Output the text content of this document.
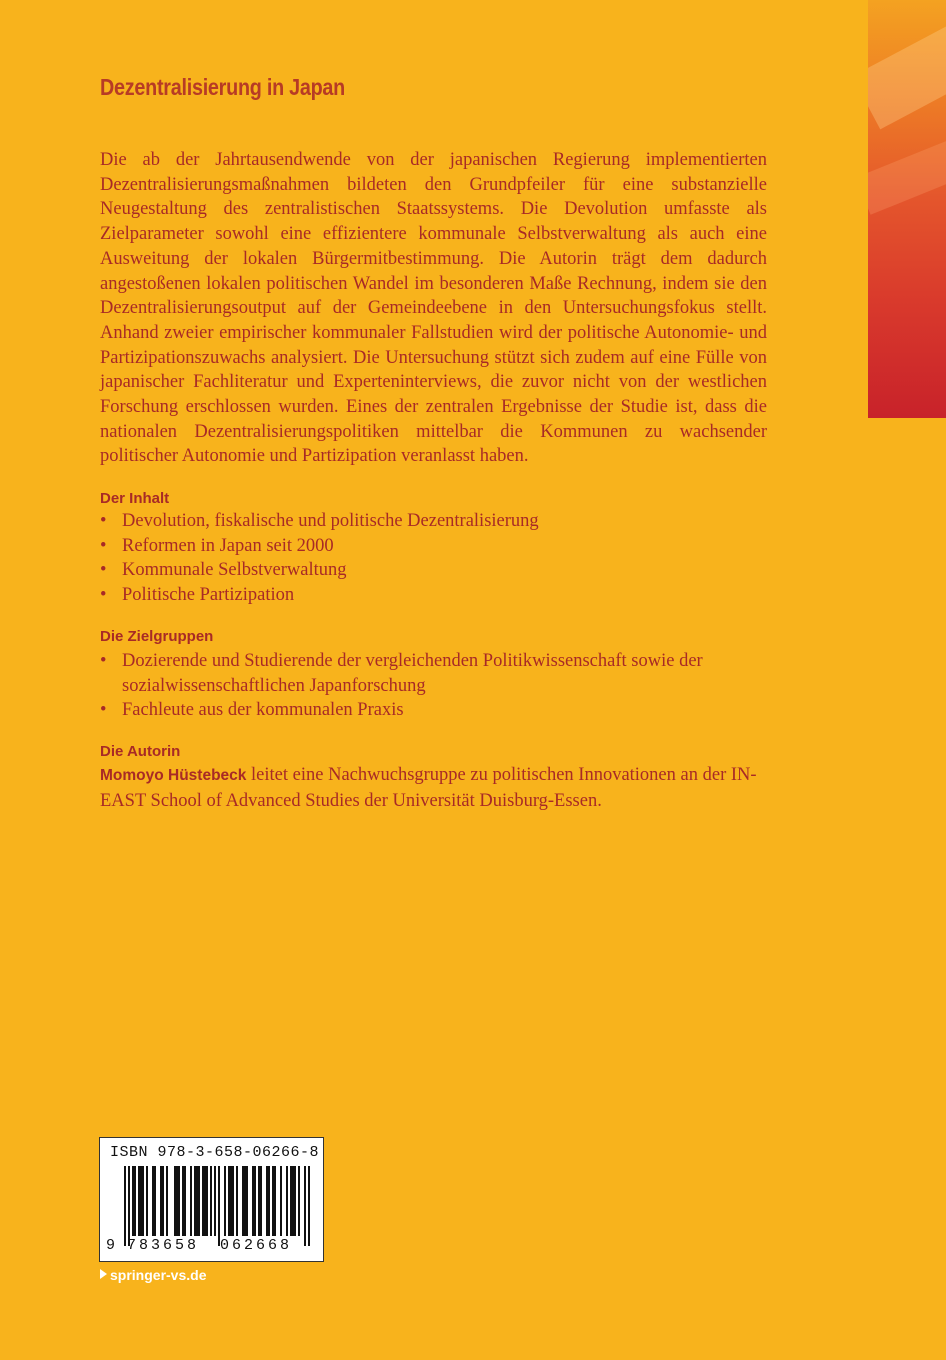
Dezentralisierung in Japan
Die ab der Jahrtausendwende von der japanischen Regierung implementierten Dezentralisierungsmaßnahmen bildeten den Grundpfeiler für eine substanzielle Neugestaltung des zentralistischen Staatssystems. Die Devolution umfasste als Zielparameter sowohl eine effizientere kommunale Selbstverwaltung als auch eine Ausweitung der lokalen Bürgermitbestimmung. Die Autorin trägt dem dadurch angestoßenen lokalen politischen Wandel im besonderen Maße Rechnung, indem sie den Dezentralisierungsoutput auf der Gemeindeebene in den Untersuchungsfokus stellt. Anhand zweier empirischer kommunaler Fallstudien wird der politische Autonomie- und Partizipationszuwachs analysiert. Die Untersuchung stützt sich zudem auf eine Fülle von japanischer Fachliteratur und Experteninterviews, die zuvor nicht von der westlichen Forschung erschlossen wurden. Eines der zentralen Ergebnisse der Studie ist, dass die nationalen Dezentralisierungspolitiken mittelbar die Kommunen zu wachsender politischer Autonomie und Partizipation veranlasst haben.
Der Inhalt
• Devolution, fiskalische und politische Dezentralisierung
• Reformen in Japan seit 2000
• Kommunale Selbstverwaltung
• Politische Partizipation
Die Zielgruppen
• Dozierende und Studierende der vergleichenden Politikwissenschaft sowie der sozialwissenschaftlichen Japanforschung
• Fachleute aus der kommunalen Praxis
Die Autorin
Momoyo Hüstebeck leitet eine Nachwuchsgruppe zu politischen Innovationen an der IN-EAST School of Advanced Studies der Universität Duisburg-Essen.
ISBN 978-3-658-06266-8
9 783658 062668
springer-vs.de
